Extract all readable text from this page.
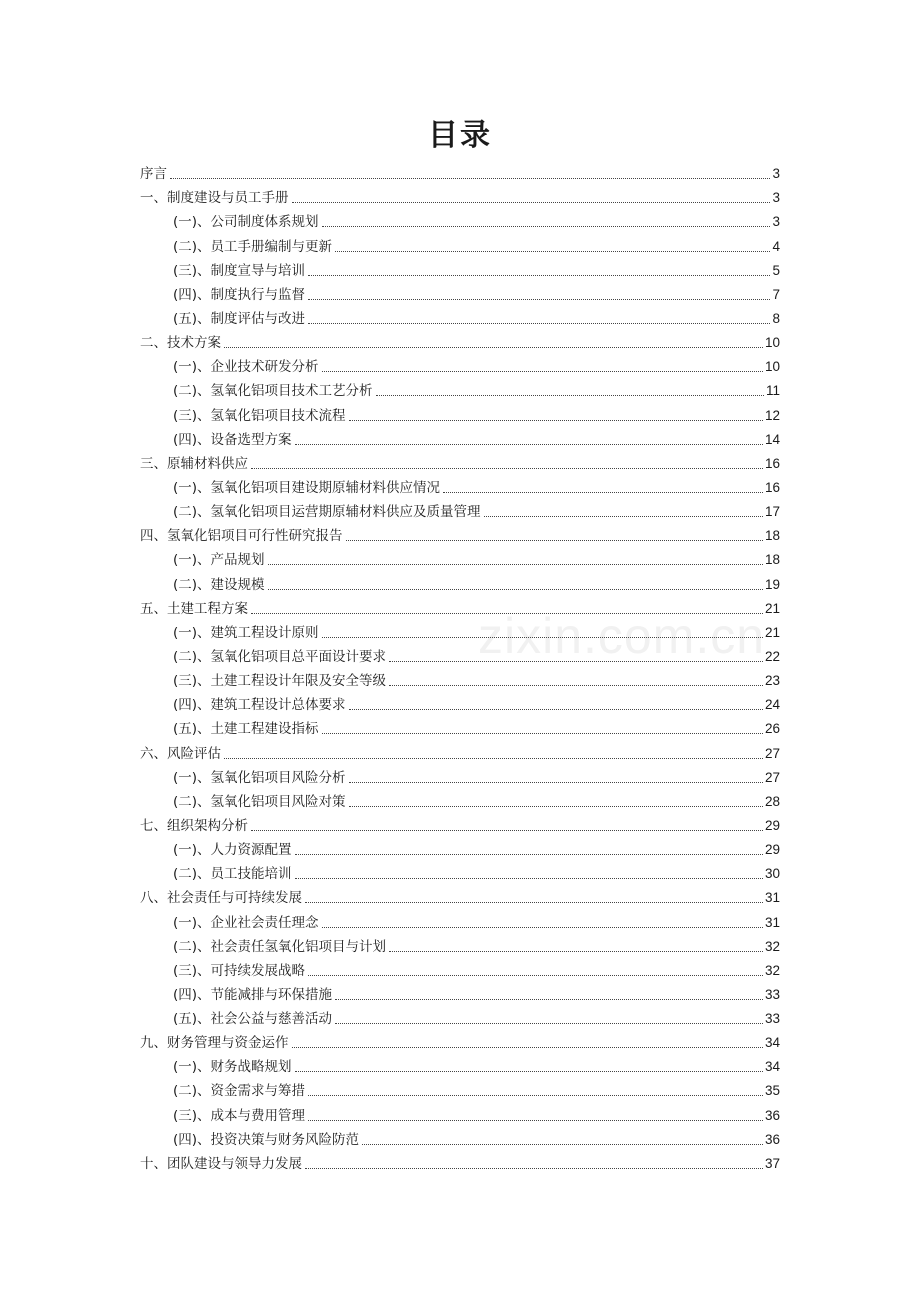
目录
序言	3
一、制度建设与员工手册	3
(一)、公司制度体系规划	3
(二)、员工手册编制与更新	4
(三)、制度宣导与培训	5
(四)、制度执行与监督	7
(五)、制度评估与改进	8
二、技术方案	10
(一)、企业技术研发分析	10
(二)、氢氧化铝项目技术工艺分析	11
(三)、氢氧化铝项目技术流程	12
(四)、设备选型方案	14
三、原辅材料供应	16
(一)、氢氧化铝项目建设期原辅材料供应情况	16
(二)、氢氧化铝项目运营期原辅材料供应及质量管理	17
四、氢氧化铝项目可行性研究报告	18
(一)、产品规划	18
(二)、建设规模	19
五、土建工程方案	21
(一)、建筑工程设计原则	21
(二)、氢氧化铝项目总平面设计要求	22
(三)、土建工程设计年限及安全等级	23
(四)、建筑工程设计总体要求	24
(五)、土建工程建设指标	26
六、风险评估	27
(一)、氢氧化铝项目风险分析	27
(二)、氢氧化铝项目风险对策	28
七、组织架构分析	29
(一)、人力资源配置	29
(二)、员工技能培训	30
八、社会责任与可持续发展	31
(一)、企业社会责任理念	31
(二)、社会责任氢氧化铝项目与计划	32
(三)、可持续发展战略	32
(四)、节能减排与环保措施	33
(五)、社会公益与慈善活动	33
九、财务管理与资金运作	34
(一)、财务战略规划	34
(二)、资金需求与筹措	35
(三)、成本与费用管理	36
(四)、投资决策与财务风险防范	36
十、团队建设与领导力发展	37
zixin.com.cn
